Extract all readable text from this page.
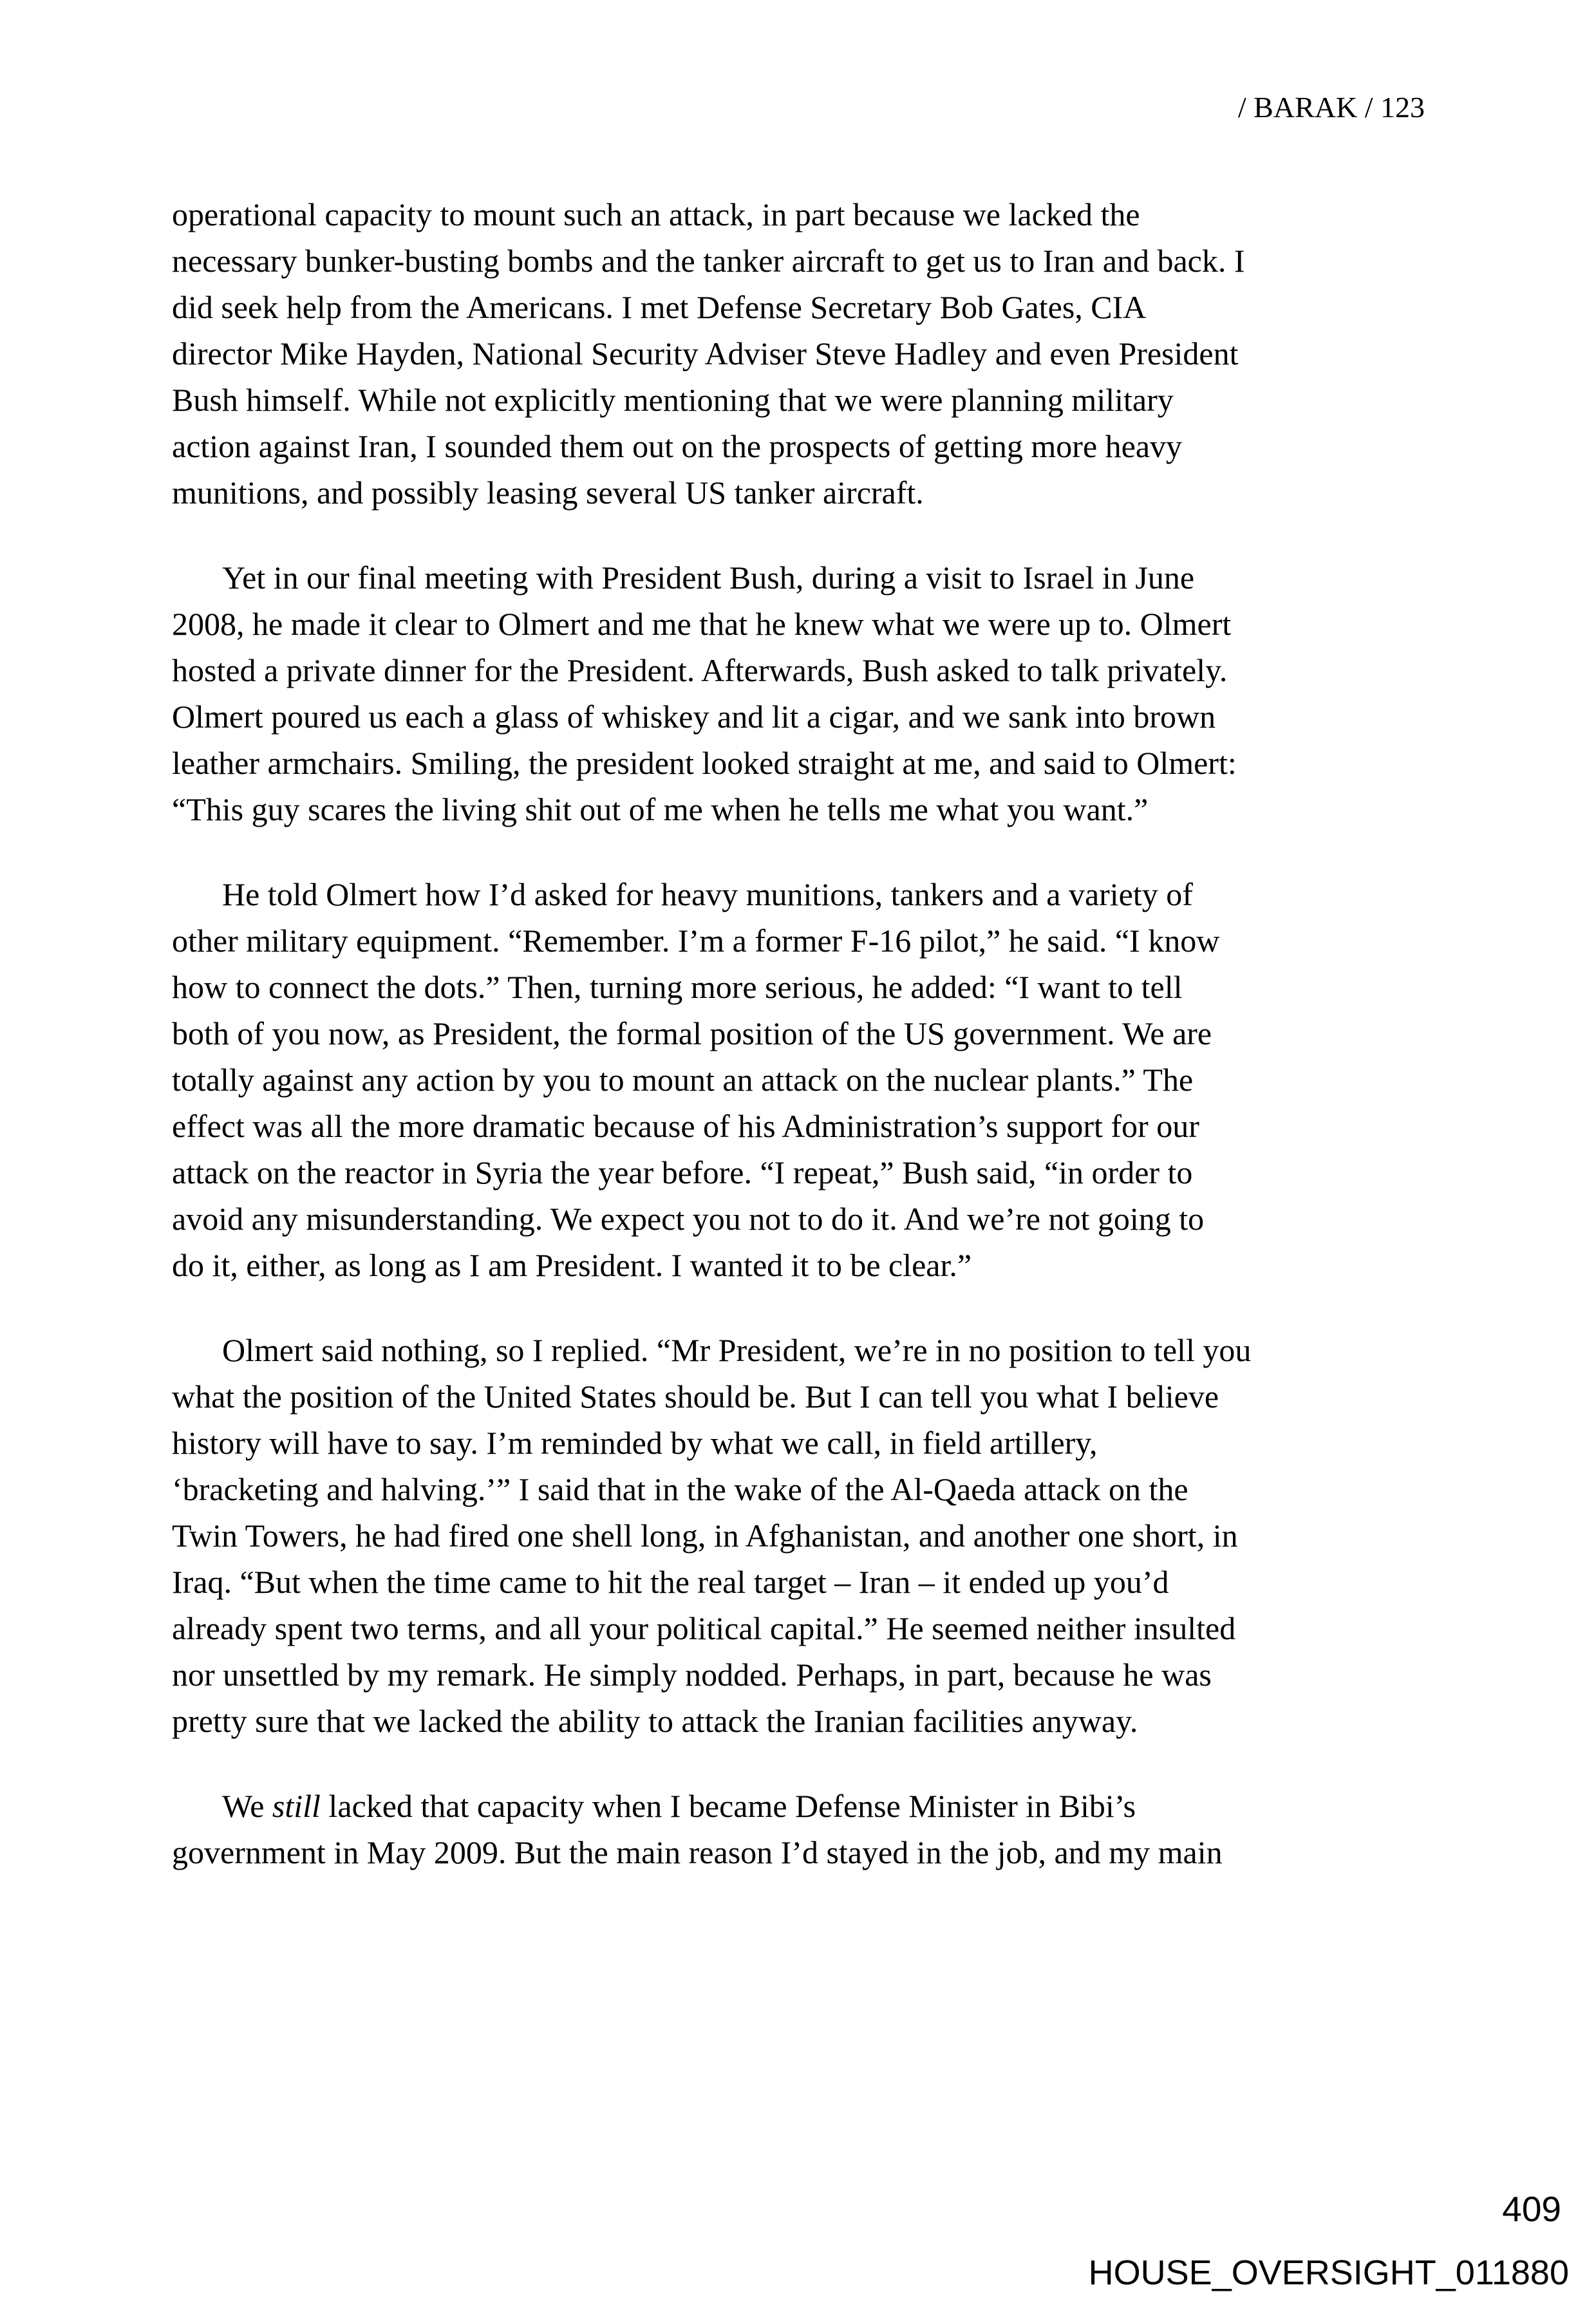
/ BARAK / 123
operational capacity to mount such an attack, in part because we lacked the
necessary bunker-busting bombs and the tanker aircraft to get us to Iran and back. I
did seek help from the Americans. I met Defense Secretary Bob Gates, CIA
director Mike Hayden, National Security Adviser Steve Hadley and even President
Bush himself. While not explicitly mentioning that we were planning military
action against Iran, I sounded them out on the prospects of getting more heavy
munitions, and possibly leasing several US tanker aircraft.
Yet in our final meeting with President Bush, during a visit to Israel in June
2008, he made it clear to Olmert and me that he knew what we were up to. Olmert
hosted a private dinner for the President. Afterwards, Bush asked to talk privately.
Olmert poured us each a glass of whiskey and lit a cigar, and we sank into brown
leather armchairs. Smiling, the president looked straight at me, and said to Olmert:
“This guy scares the living shit out of me when he tells me what you want.”
He told Olmert how I’d asked for heavy munitions, tankers and a variety of
other military equipment. “Remember. I’m a former F-16 pilot,” he said. “I know
how to connect the dots.” Then, turning more serious, he added: “I want to tell
both of you now, as President, the formal position of the US government. We are
totally against any action by you to mount an attack on the nuclear plants.” The
effect was all the more dramatic because of his Administration’s support for our
attack on the reactor in Syria the year before. “I repeat,” Bush said, “in order to
avoid any misunderstanding. We expect you not to do it. And we’re not going to
do it, either, as long as I am President. I wanted it to be clear.”
Olmert said nothing, so I replied. “Mr President, we’re in no position to tell you
what the position of the United States should be. But I can tell you what I believe
history will have to say. I’m reminded by what we call, in field artillery,
‘bracketing and halving.’” I said that in the wake of the Al-Qaeda attack on the
Twin Towers, he had fired one shell long, in Afghanistan, and another one short, in
Iraq. “But when the time came to hit the real target – Iran – it ended up you’d
already spent two terms, and all your political capital.” He seemed neither insulted
nor unsettled by my remark. He simply nodded. Perhaps, in part, because he was
pretty sure that we lacked the ability to attack the Iranian facilities anyway.
We still lacked that capacity when I became Defense Minister in Bibi’s
government in May 2009. But the main reason I’d stayed in the job, and my main
409
HOUSE_OVERSIGHT_011880
